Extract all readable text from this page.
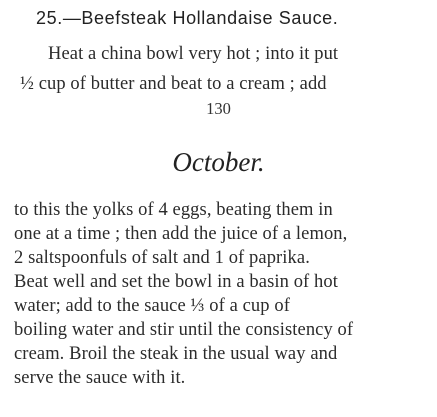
25.—Beefsteak Hollandaise Sauce.
Heat a china bowl very hot ; into it put
½ cup of butter and beat to a cream ; add
130
October.
to this the yolks of 4 eggs, beating them in
one at a time ; then add the juice of a lemon,
2 saltspoonfuls of salt and 1 of paprika.
Beat well and set the bowl in a basin of hot
water; add to the sauce ⅓ of a cup of
boiling water and stir until the consistency of
cream. Broil the steak in the usual way and
serve the sauce with it.
